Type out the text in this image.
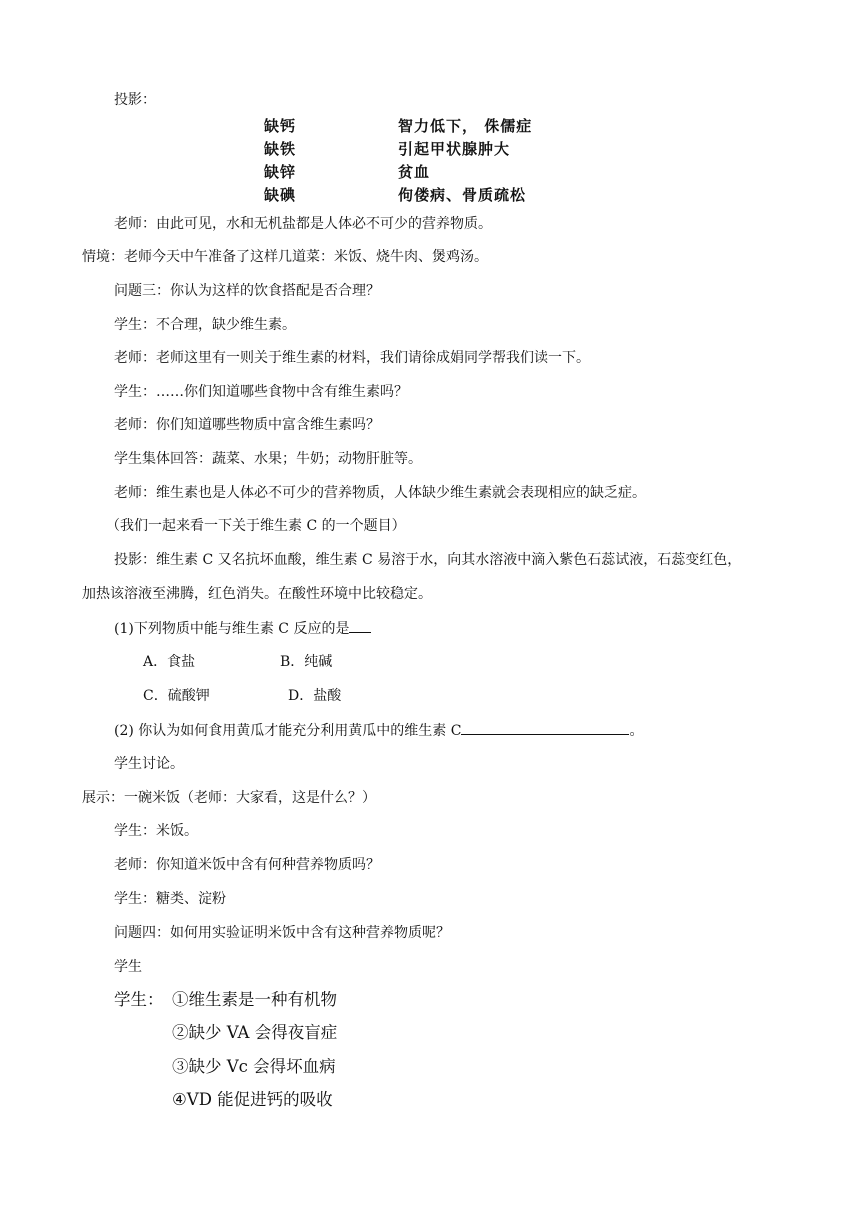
投影：
缺钙	智力低下， 侏儒症
缺铁	引起甲状腺肿大
缺锌	贫血
缺碘	佝偻病、骨质疏松
老师：由此可见，水和无机盐都是人体必不可少的营养物质。
情境：老师今天中午准备了这样几道菜：米饭、烧牛肉、煲鸡汤。
问题三：你认为这样的饮食搭配是否合理？
学生：不合理，缺少维生素。
老师：老师这里有一则关于维生素的材料，我们请徐成娟同学帮我们读一下。
学生：……你们知道哪些食物中含有维生素吗？
老师：你们知道哪些物质中富含维生素吗？
学生集体回答：蔬菜、水果；牛奶；动物肝脏等。
老师：维生素也是人体必不可少的营养物质，人体缺少维生素就会表现相应的缺乏症。
（我们一起来看一下关于维生素 C 的一个题目）
投影：维生素 C 又名抗坏血酸，维生素 C 易溶于水，向其水溶液中滴入紫色石蕊试液，石蕊变红色，
加热该溶液至沸腾，红色消失。在酸性环境中比较稳定。
(1)下列物质中能与维生素 C 反应的是
A．食盐	B．纯碱
C．硫酸钾	D．盐酸
(2) 你认为如何食用黄瓜才能充分利用黄瓜中的维生素 C	。
学生讨论。
展示：一碗米饭（老师：大家看，这是什么？）
学生：米饭。
老师：你知道米饭中含有何种营养物质吗？
学生：糖类、淀粉
问题四：如何用实验证明米饭中含有这种营养物质呢？
学生
学生： ①维生素是一种有机物
②缺少 VA 会得夜盲症
③缺少 Vc 会得坏血病
④VD 能促进钙的吸收
